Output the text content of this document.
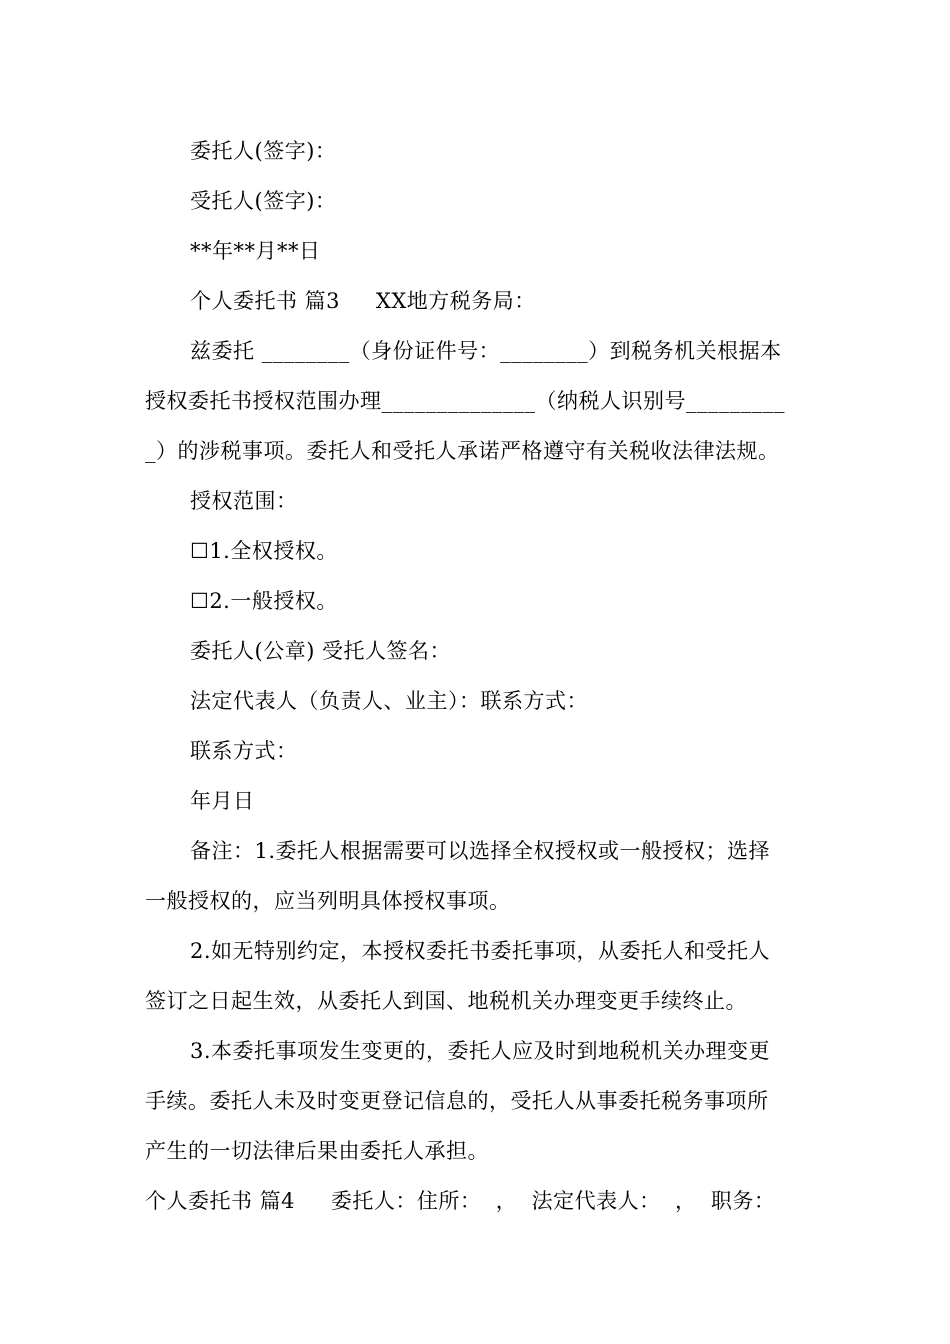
委托人(签字)：
受托人(签字)：
**年**月**日
个人委托书 篇3     XX地方税务局：
兹委托 ________（身份证件号：________）到税务机关根据本
授权委托书授权范围办理______________（纳税人识别号_________
_）的涉税事项。委托人和受托人承诺严格遵守有关税收法律法规。
授权范围：
☐1.全权授权。
☐2.一般授权。
委托人(公章) 受托人签名：
法定代表人（负责人、业主）：联系方式：
联系方式：
年月日
备注：1.委托人根据需要可以选择全权授权或一般授权；选择
一般授权的，应当列明具体授权事项。
2.如无特别约定，本授权委托书委托事项，从委托人和受托人
签订之日起生效，从委托人到国、地税机关办理变更手续终止。
3.本委托事项发生变更的，委托人应及时到地税机关办理变更
手续。委托人未及时变更登记信息的，受托人从事委托税务事项所
产生的一切法律后果由委托人承担。
个人委托书 篇4     委托人：住所：  ，  法定代表人：  ，  职务：
